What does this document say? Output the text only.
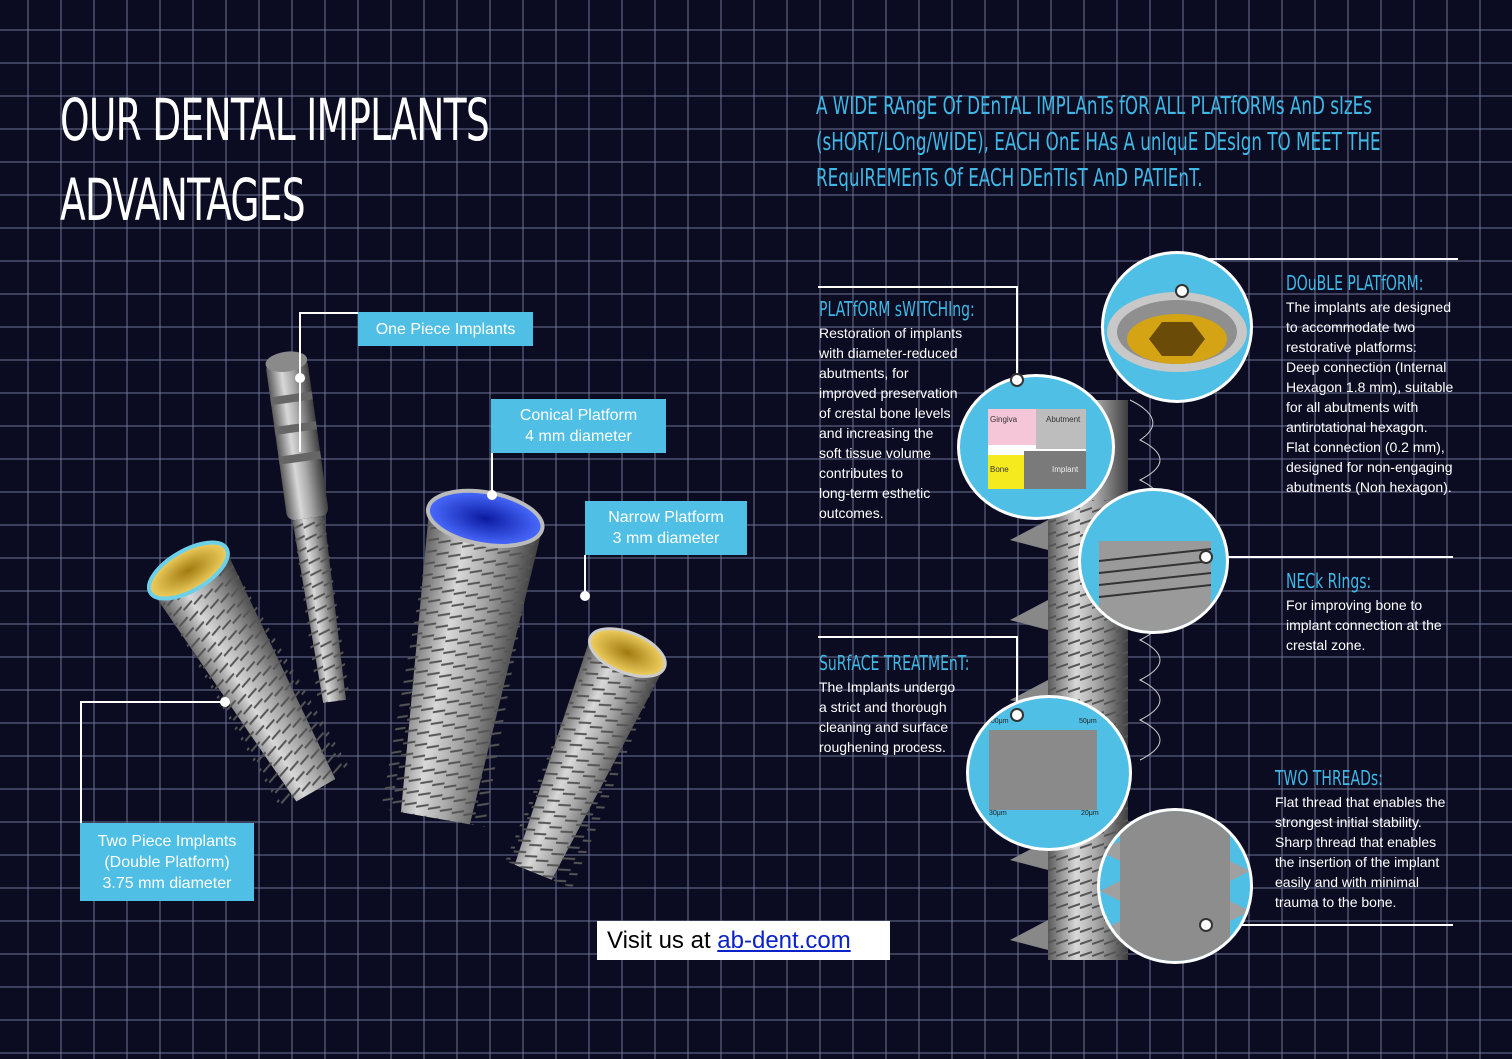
OUR DENTAL IMPLANTS
ADVANTAGES
A WIDE RAngE Of DEnTAL IMPLAnTs fOR ALL PLATfORMs AnD sIzEs
(sHORT/LOng/WIDE), EACH OnE HAs A unIquE DEsIgn TO MEET THE
REquIREMEnTs Of EACH DEnTIsT AnD PATIEnT.
One Piece Implants
Conical Platform
4 mm diameter
Narrow Platform
3 mm diameter
Two Piece Implants
(Double Platform)
3.75 mm diameter
Gingiva	Abutment
Bone	Implant
100μm	50μm
30μm	20μm
PLATfORM sWITCHIng:
Restoration of implants
with diameter-reduced
abutments, for
improved preservation
of crestal bone levels
and increasing the
soft tissue volume
contributes to
long-term esthetic
outcomes.
DOuBLE PLATfORM:
The implants are designed
to accommodate two
restorative platforms:
Deep connection (Internal
Hexagon 1.8 mm), suitable
for all abutments with
antirotational hexagon.
Flat connection (0.2 mm),
designed for non-engaging
abutments (Non hexagon).
NECk RIngs:
For improving bone to
implant connection at the
crestal zone.
SuRfACE TREATMEnT:
The Implants undergo
a strict and thorough
cleaning and surface
roughening process.
TWO THREADs:
Flat thread that enables the
strongest initial stability.
Sharp thread that enables
the insertion of the implant
easily and with minimal
trauma to the bone.
Visit us at ab-dent.com
